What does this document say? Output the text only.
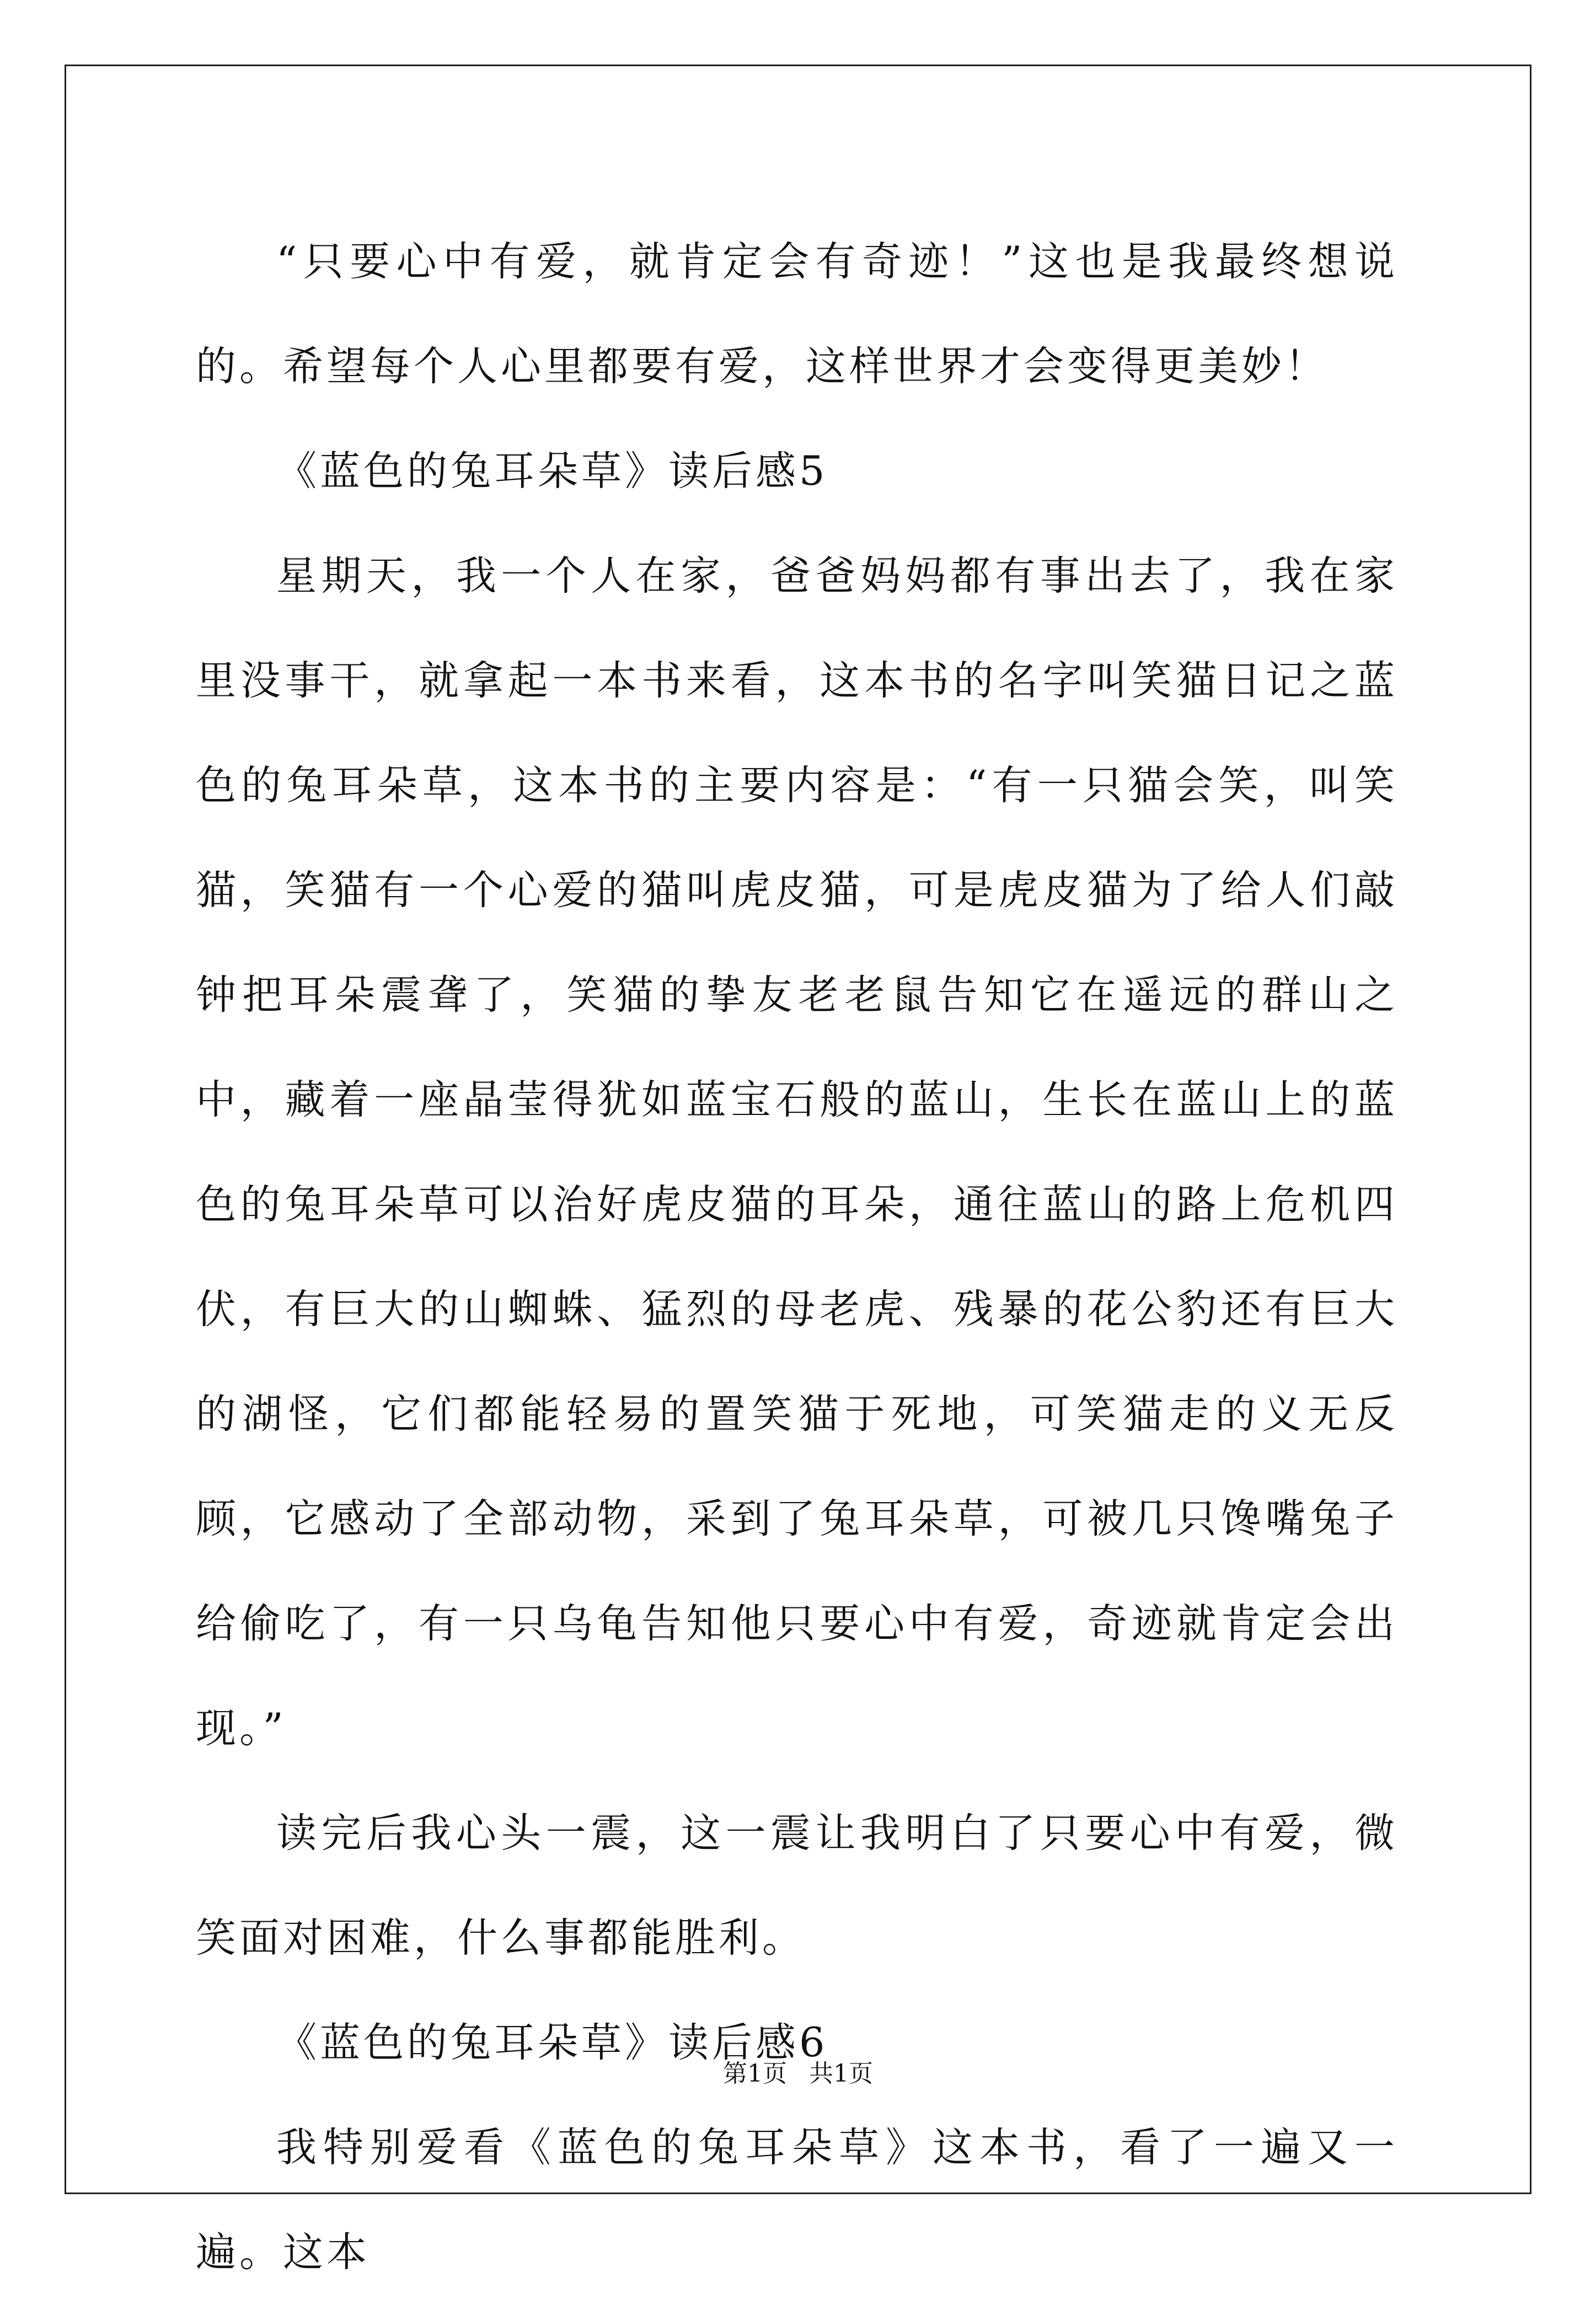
“只要心中有爱，就肯定会有奇迹！”这也是我最终想说的。希望每个人心里都要有爱，这样世界才会变得更美妙！

《蓝色的兔耳朵草》读后感5

星期天，我一个人在家，爸爸妈妈都有事出去了，我在家里没事干，就拿起一本书来看，这本书的名字叫笑猫日记之蓝色的兔耳朵草，这本书的主要内容是：“有一只猫会笑，叫笑猫，笑猫有一个心爱的猫叫虎皮猫，可是虎皮猫为了给人们敲钟把耳朵震聋了，笑猫的挚友老老鼠告知它在遥远的群山之中，藏着一座晶莹得犹如蓝宝石般的蓝山，生长在蓝山上的蓝色的兔耳朵草可以治好虎皮猫的耳朵，通往蓝山的路上危机四伏，有巨大的山蜘蛛、猛烈的母老虎、残暴的花公豹还有巨大的湖怪，它们都能轻易的置笑猫于死地，可笑猫走的义无反顾，它感动了全部动物，采到了兔耳朵草，可被几只馋嘴兔子给偷吃了，有一只乌龟告知他只要心中有爱，奇迹就肯定会出现。”

读完后我心头一震，这一震让我明白了只要心中有爱，微笑面对困难，什么事都能胜利。

《蓝色的兔耳朵草》读后感6

我特别爱看《蓝色的兔耳朵草》这本书，看了一遍又一遍。这本

第1页 共1页
